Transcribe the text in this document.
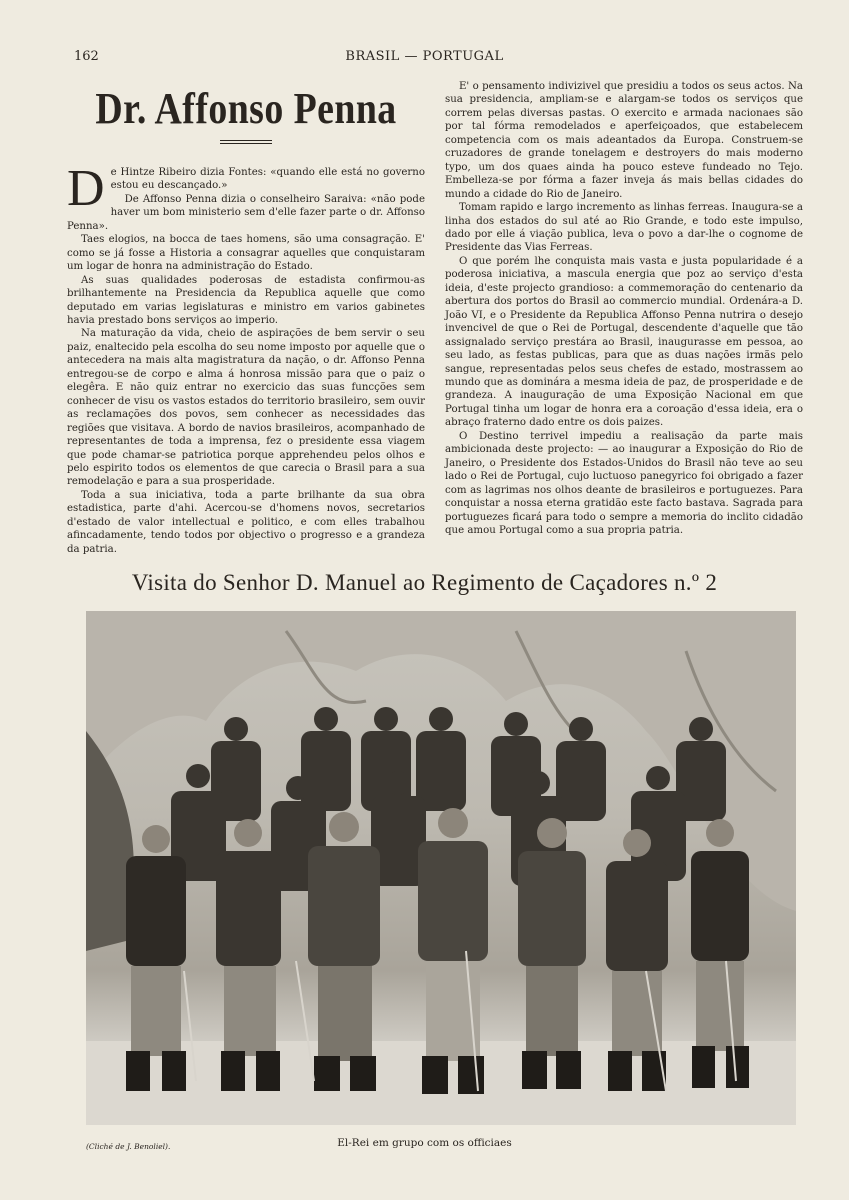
162	BRASIL — PORTUGAL
Dr. Affonso Penna

De Hintze Ribeiro dizia Fontes: «quando elle está no governo estou eu descançado.»

De Affonso Penna dizia o conselheiro Saraiva: «não pode haver um bom ministerio sem d'elle fazer parte o dr. Affonso Penna».

Taes elogios, na bocca de taes homens, são uma consagração. E' como se já fosse a Historia a consagrar aquelles que conquistaram um logar de honra na administração do Estado.

As suas qualidades poderosas de estadista confirmou-as brilhantemente na Presidencia da Republica aquelle que como deputado em varias legislaturas e ministro em varios gabinetes havia prestado bons serviços ao imperio.

Na maturação da vida, cheio de aspirações de bem servir o seu paiz, enaltecido pela escolha do seu nome imposto por aquelle que o antecedera na mais alta magistratura da nação, o dr. Affonso Penna entregou-se de corpo e alma á honrosa missão para que o paiz o elegêra. E não quiz entrar no exercicio das suas funcções sem conhecer de visu os vastos estados do territorio brasileiro, sem ouvir as reclamações dos povos, sem conhecer as necessidades das regiões que visitava. A bordo de navios brasileiros, acompanhado de representantes de toda a imprensa, fez o presidente essa viagem que pode chamar-se patriotica porque apprehendeu pelos olhos e pelo espirito todos os elementos de que carecia o Brasil para a sua remodelação e para a sua prosperidade.

Toda a sua iniciativa, toda a parte brilhante da sua obra estadistica, parte d'ahi. Acercou-se d'homens novos, secretarios d'estado de valor intellectual e politico, e com elles trabalhou afincadamente, tendo todos por objectivo o progresso e a grandeza da patria.

E' o pensamento indivizivel que presidiu a todos os seus actos. Na sua presidencia, ampliam-se e alargam-se todos os serviços que correm pelas diversas pastas. O exercito e armada nacionaes são por tal fórma remodelados e aperfeiçoados, que estabelecem competencia com os mais adeantados da Europa. Construem-se cruzadores de grande tonelagem e destroyers do mais moderno typo, um dos quaes ainda ha pouco esteve fundeado no Tejo. Embelleza-se por fórma a fazer inveja ás mais bellas cidades do mundo a cidade do Rio de Janeiro.

Tomam rapido e largo incremento as linhas ferreas. Inaugura-se a linha dos estados do sul até ao Rio Grande, e todo este impulso, dado por elle á viação publica, leva o povo a dar-lhe o cognome de Presidente das Vias Ferreas.

O que porém lhe conquista mais vasta e justa popularidade é a poderosa iniciativa, a mascula energia que poz ao serviço d'esta ideia, d'este projecto grandioso: a commemoração do centenario da abertura dos portos do Brasil ao commercio mundial. Ordenára-a D. João VI, e o Presidente da Republica Affonso Penna nutrira o desejo invencivel de que o Rei de Portugal, descendente d'aquelle que tão assignalado serviço prestára ao Brasil, inaugurasse em pessoa, ao seu lado, as festas publicas, para que as duas nações irmãs pelo sangue, representadas pelos seus chefes de estado, mostrassem ao mundo que as dominára a mesma ideia de paz, de prosperidade e de grandeza. A inauguração de uma Exposição Nacional em que Portugal tinha um logar de honra era a coroação d'essa ideia, era o abraço fraterno dado entre os dois paizes.

O Destino terrivel impediu a realisação da parte mais ambicionada deste projecto: — ao inaugurar a Exposição do Rio de Janeiro, o Presidente dos Estados-Unidos do Brasil não teve ao seu lado o Rei de Portugal, cujo luctuoso panegyrico foi obrigado a fazer com as lagrimas nos olhos deante de brasileiros e portuguezes. Para conquistar a nossa eterna gratidão este facto bastava. Sagrada para portuguezes ficará para todo o sempre a memoria do inclito cidadão que amou Portugal como a sua propria patria.

Visita do Senhor D. Manuel ao Regimento de Caçadores n.º 2
(Cliché de J. Benoliel).	El-Rei em grupo com os officiaes
